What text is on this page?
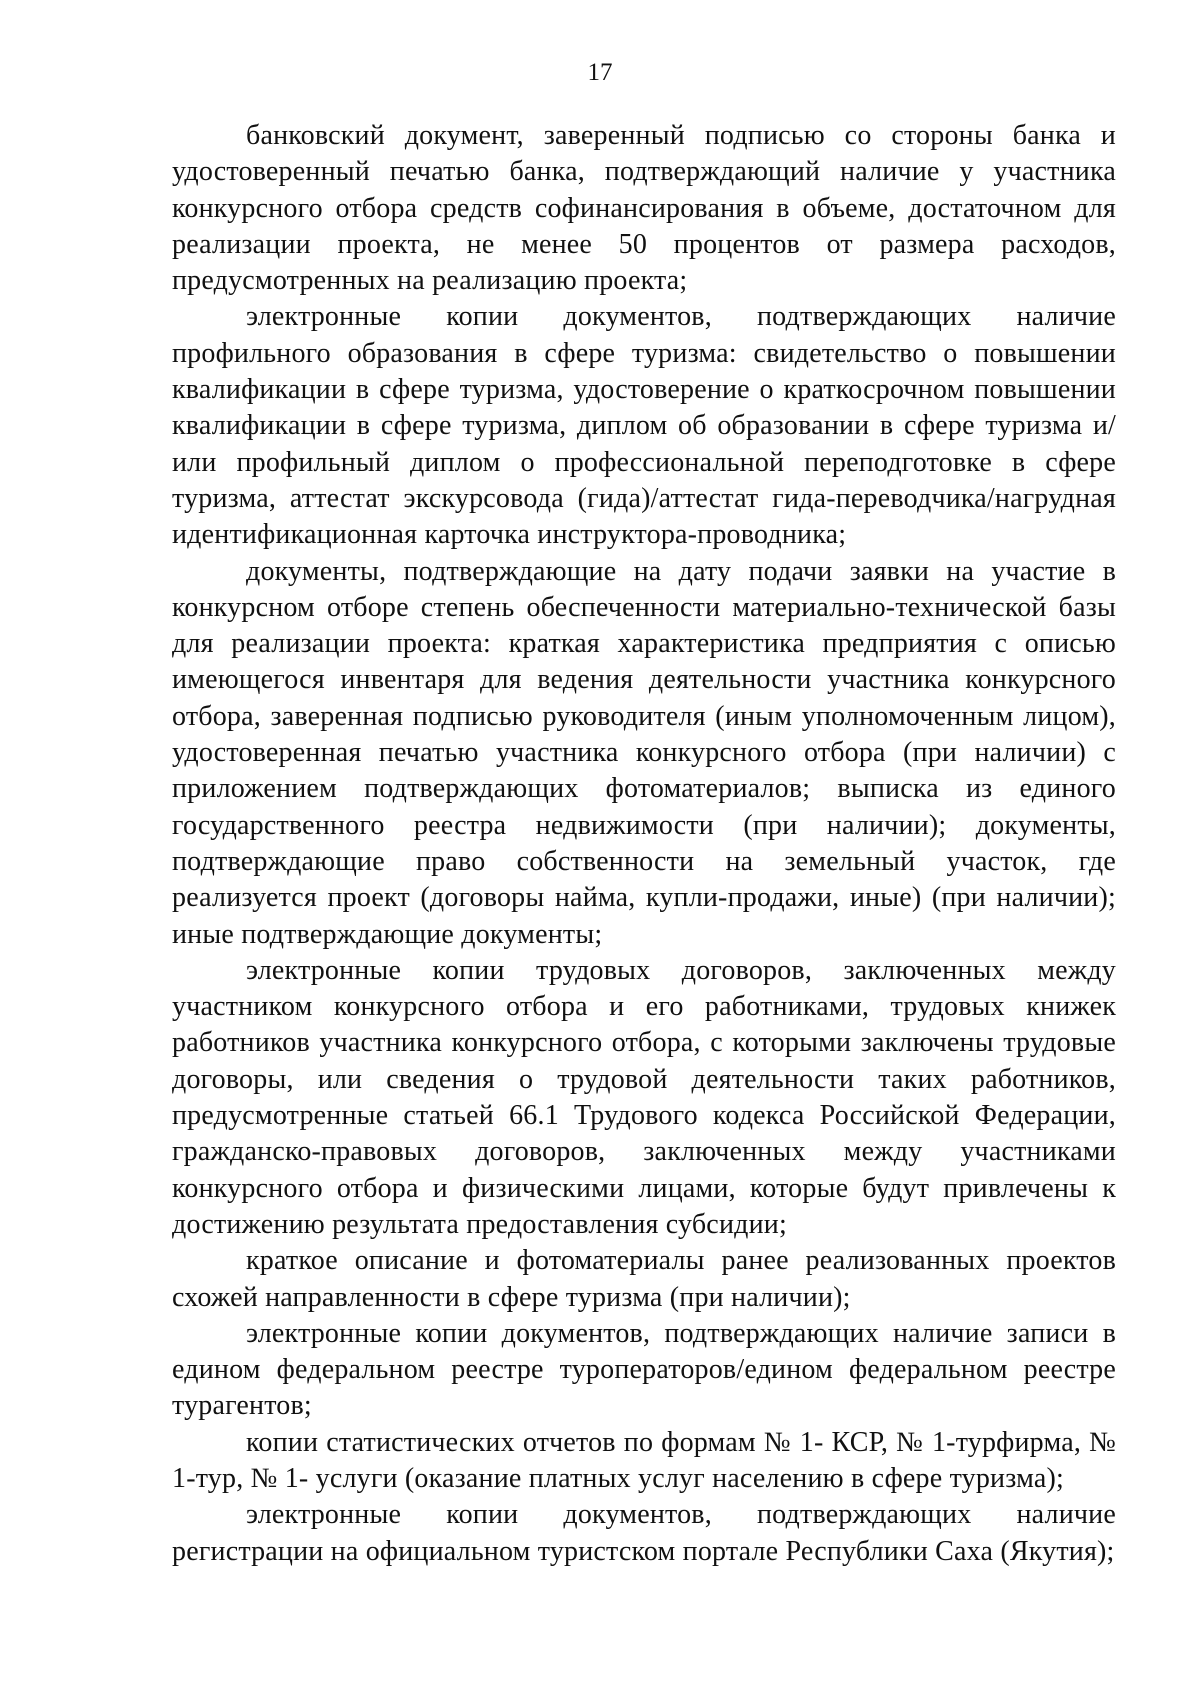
17

банковский документ, заверенный подписью со стороны банка и удостоверенный печатью банка, подтверждающий наличие у участника конкурсного отбора средств софинансирования в объеме, достаточном для реализации проекта, не менее 50 процентов от размера расходов, предусмотренных на реализацию проекта;

электронные копии документов, подтверждающих наличие профильного образования в сфере туризма: свидетельство о повышении квалификации в сфере туризма, удостоверение о краткосрочном повышении квалификации в сфере туризма, диплом об образовании в сфере туризма и/или профильный диплом о профессиональной переподготовке в сфере туризма, аттестат экскурсовода (гида)/аттестат гида-переводчика/нагрудная идентификационная карточка инструктора-проводника;

документы, подтверждающие на дату подачи заявки на участие в конкурсном отборе степень обеспеченности материально-технической базы для реализации проекта: краткая характеристика предприятия с описью имеющегося инвентаря для ведения деятельности участника конкурсного отбора, заверенная подписью руководителя (иным уполномоченным лицом), удостоверенная печатью участника конкурсного отбора (при наличии) с приложением подтверждающих фотоматериалов; выписка из единого государственного реестра недвижимости (при наличии); документы, подтверждающие право собственности на земельный участок, где реализуется проект (договоры найма, купли-продажи, иные) (при наличии); иные подтверждающие документы;

электронные копии трудовых договоров, заключенных между участником конкурсного отбора и его работниками, трудовых книжек работников участника конкурсного отбора, с которыми заключены трудовые договоры, или сведения о трудовой деятельности таких работников, предусмотренные статьей 66.1 Трудового кодекса Российской Федерации, гражданско-правовых договоров, заключенных между участниками конкурсного отбора и физическими лицами, которые будут привлечены к достижению результата предоставления субсидии;

краткое описание и фотоматериалы ранее реализованных проектов схожей направленности в сфере туризма (при наличии);

электронные копии документов, подтверждающих наличие записи в едином федеральном реестре туроператоров/едином федеральном реестре турагентов;

копии статистических отчетов по формам № 1- КСР, № 1-турфирма, № 1-тур, № 1- услуги (оказание платных услуг населению в сфере туризма);

электронные копии документов, подтверждающих наличие регистрации на официальном туристском портале Республики Саха (Якутия);
